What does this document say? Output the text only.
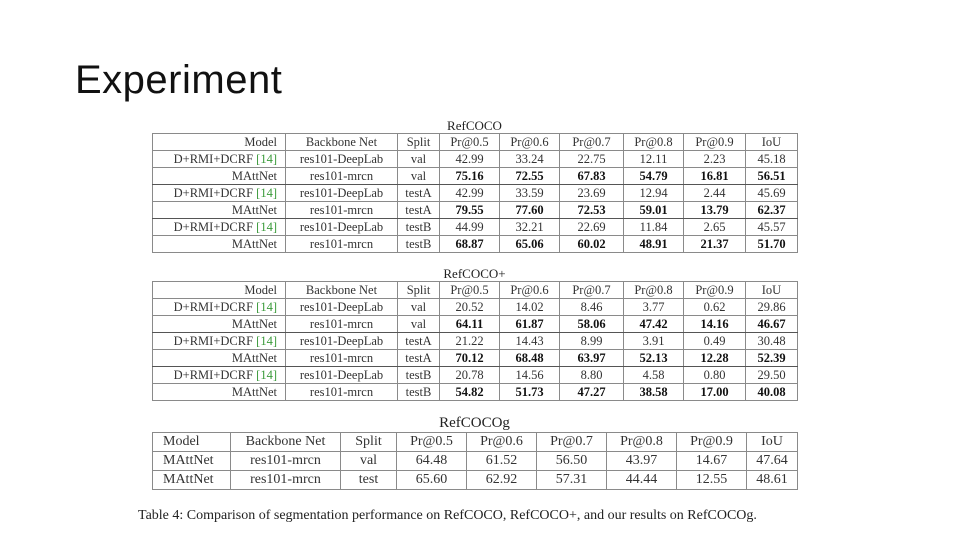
Experiment
RefCOCO
Model	Backbone Net	Split	Pr@0.5	Pr@0.6	Pr@0.7	Pr@0.8	Pr@0.9	IoU
D+RMI+DCRF [14]	res101-DeepLab	val	42.99	33.24	22.75	12.11	2.23	45.18
MAttNet	res101-mrcn	val	75.16	72.55	67.83	54.79	16.81	56.51
D+RMI+DCRF [14]	res101-DeepLab	testA	42.99	33.59	23.69	12.94	2.44	45.69
MAttNet	res101-mrcn	testA	79.55	77.60	72.53	59.01	13.79	62.37
D+RMI+DCRF [14]	res101-DeepLab	testB	44.99	32.21	22.69	11.84	2.65	45.57
MAttNet	res101-mrcn	testB	68.87	65.06	60.02	48.91	21.37	51.70
RefCOCO+
Model	Backbone Net	Split	Pr@0.5	Pr@0.6	Pr@0.7	Pr@0.8	Pr@0.9	IoU
D+RMI+DCRF [14]	res101-DeepLab	val	20.52	14.02	8.46	3.77	0.62	29.86
MAttNet	res101-mrcn	val	64.11	61.87	58.06	47.42	14.16	46.67
D+RMI+DCRF [14]	res101-DeepLab	testA	21.22	14.43	8.99	3.91	0.49	30.48
MAttNet	res101-mrcn	testA	70.12	68.48	63.97	52.13	12.28	52.39
D+RMI+DCRF [14]	res101-DeepLab	testB	20.78	14.56	8.80	4.58	0.80	29.50
MAttNet	res101-mrcn	testB	54.82	51.73	47.27	38.58	17.00	40.08
RefCOCOg
Model	Backbone Net	Split	Pr@0.5	Pr@0.6	Pr@0.7	Pr@0.8	Pr@0.9	IoU
MAttNet	res101-mrcn	val	64.48	61.52	56.50	43.97	14.67	47.64
MAttNet	res101-mrcn	test	65.60	62.92	57.31	44.44	12.55	48.61
Table 4: Comparison of segmentation performance on RefCOCO, RefCOCO+, and our results on RefCOCOg.
